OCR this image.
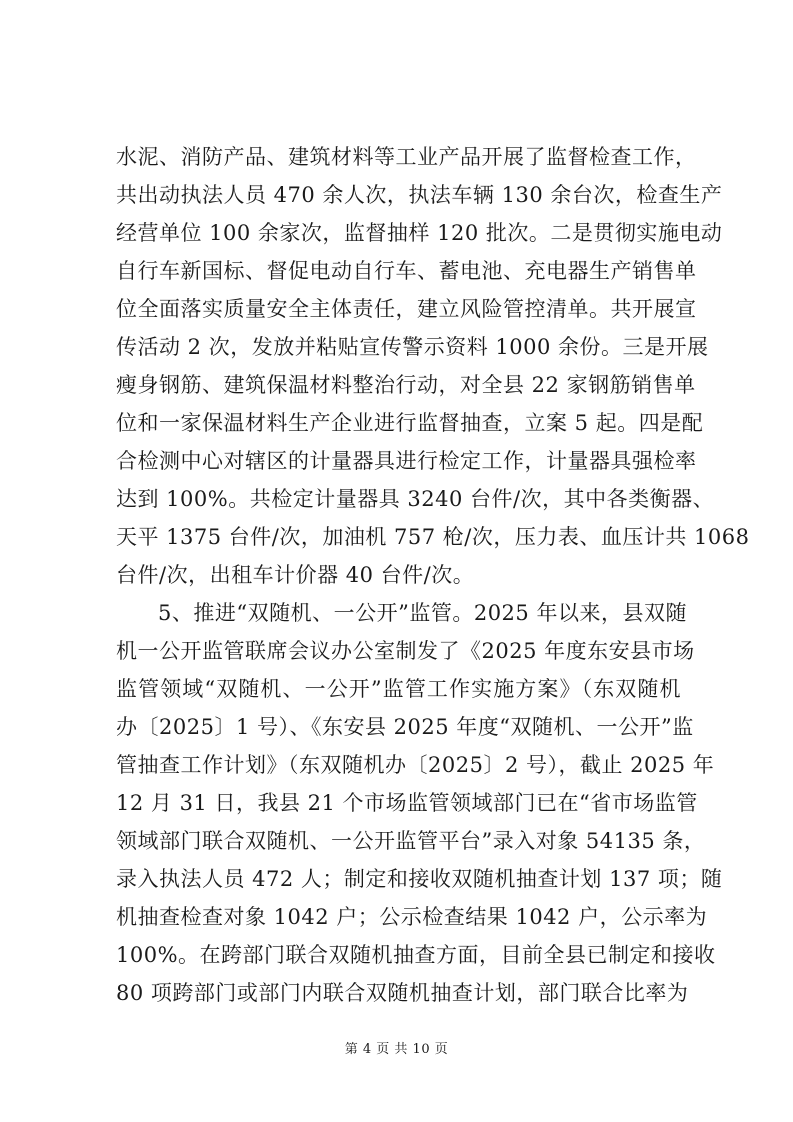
水泥、消防产品、建筑材料等工业产品开展了监督检查工作，
共出动执法人员 470 余人次，执法车辆 130 余台次，检查生产
经营单位 100 余家次，监督抽样 120 批次。二是贯彻实施电动
自行车新国标、督促电动自行车、蓄电池、充电器生产销售单
位全面落实质量安全主体责任，建立风险管控清单。共开展宣
传活动 2 次，发放并粘贴宣传警示资料 1000 余份。三是开展
瘦身钢筋、建筑保温材料整治行动，对全县 22 家钢筋销售单
位和一家保温材料生产企业进行监督抽查，立案 5 起。四是配
合检测中心对辖区的计量器具进行检定工作，计量器具强检率
达到 100%。共检定计量器具 3240 台件/次，其中各类衡器、
天平 1375 台件/次，加油机 757 枪/次，压力表、血压计共 1068
台件/次，出租车计价器 40 台件/次。
5、推进“双随机、一公开”监管。2025 年以来，县双随
机一公开监管联席会议办公室制发了《2025 年度东安县市场
监管领域“双随机、一公开”监管工作实施方案》（东双随机
办〔2025〕1 号）、《东安县 2025 年度“双随机、一公开”监
管抽查工作计划》（东双随机办〔2025〕2 号），截止 2025 年
12 月 31 日，我县 21 个市场监管领域部门已在“省市场监管
领域部门联合双随机、一公开监管平台”录入对象 54135 条，
录入执法人员 472 人；制定和接收双随机抽查计划 137 项；随
机抽查检查对象 1042 户；公示检查结果 1042 户，公示率为
100%。在跨部门联合双随机抽查方面，目前全县已制定和接收
80 项跨部门或部门内联合双随机抽查计划，部门联合比率为
第 4 页 共 10 页
